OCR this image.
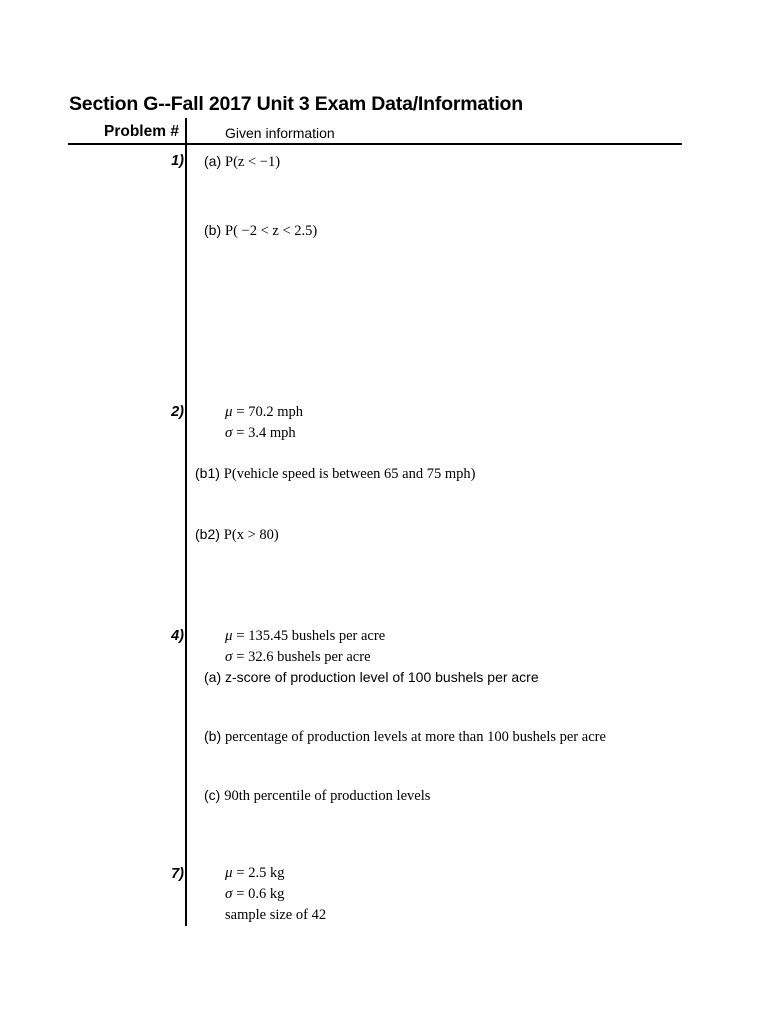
Section G--Fall 2017 Unit 3 Exam Data/Information
Problem #	Given information
1) (a) P(z < −1)
(b) P( −2 < z < 2.5)
2)	μ = 70.2 mph
σ = 3.4 mph
(b1) P(vehicle speed is between 65 and 75 mph)
(b2) P(x > 80)
4)	μ = 135.45 bushels per acre
σ = 32.6 bushels per acre
(a) z-score of production level of 100 bushels per acre
(b) percentage of production levels at more than 100 bushels per acre
(c) 90th percentile of production levels
7)	μ = 2.5 kg
σ = 0.6 kg
sample size of 42
